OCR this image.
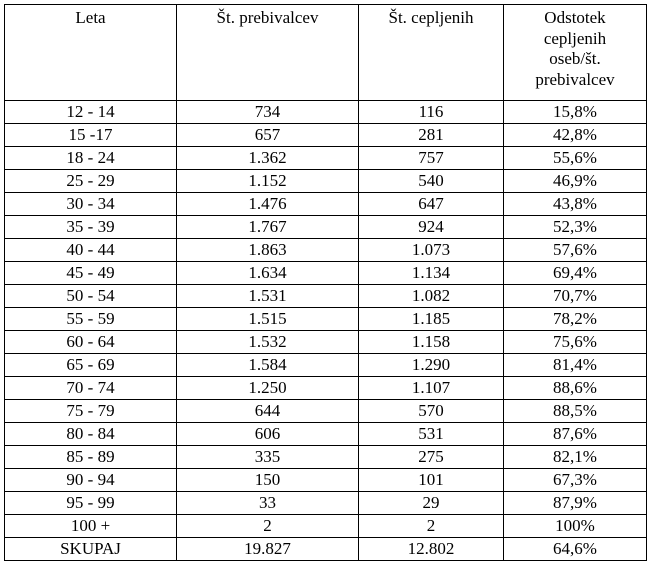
Leta	Št. prebivalcev	Št. cepljenih	Odstotek
cepljenih
oseb/št.
prebivalcev
12 - 14	734	116	15,8%
15 -17	657	281	42,8%
18 - 24	1.362	757	55,6%
25 - 29	1.152	540	46,9%
30 - 34	1.476	647	43,8%
35 - 39	1.767	924	52,3%
40 - 44	1.863	1.073	57,6%
45 - 49	1.634	1.134	69,4%
50 - 54	1.531	1.082	70,7%
55 - 59	1.515	1.185	78,2%
60 - 64	1.532	1.158	75,6%
65 - 69	1.584	1.290	81,4%
70 - 74	1.250	1.107	88,6%
75 - 79	644	570	88,5%
80 - 84	606	531	87,6%
85 - 89	335	275	82,1%
90 - 94	150	101	67,3%
95 - 99	33	29	87,9%
100 +	2	2	100%
SKUPAJ	19.827	12.802	64,6%
